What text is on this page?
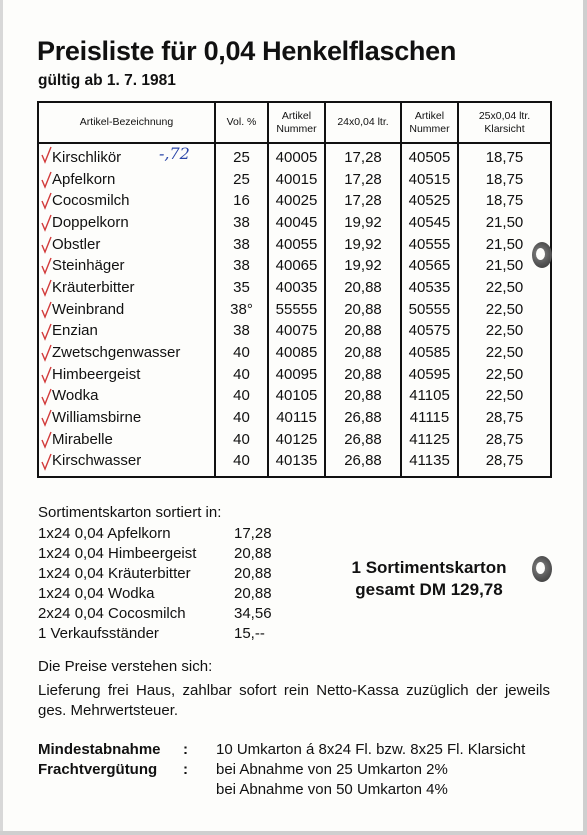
Preisliste für 0,04 Henkelflaschen
gültig ab 1. 7. 1981
Artikel-Bezeichnung	Vol. %	Artikel Nummer	24x0,04 ltr.	Artikel Nummer	25x0,04 ltr. Klarsicht

Kirschlikör -,72	25	40005	17,28	40505	18,75

Apfelkorn	25	40015	17,28	40515	18,75

Cocosmilch	16	40025	17,28	40525	18,75

Doppelkorn	38	40045	19,92	40545	21,50

Obstler	38	40055	19,92	40555	21,50

Steinhäger	38	40065	19,92	40565	21,50

Kräuterbitter	35	40035	20,88	40535	22,50

Weinbrand	38°	55555	20,88	50555	22,50

Enzian	38	40075	20,88	40575	22,50

Zwetschgenwasser	40	40085	20,88	40585	22,50

Himbeergeist	40	40095	20,88	40595	22,50

Wodka	40	40105	20,88	41105	22,50

Williamsbirne	40	40115	26,88	41115	28,75

Mirabelle	40	40125	26,88	41125	28,75

Kirschwasser	40	40135	26,88	41135	28,75
Sortimentskarton sortiert in:
1x24 0,04 Apfelkorn	17,28
1x24 0,04 Himbeergeist	20,88
1x24 0,04 Kräuterbitter	20,88
1x24 0,04 Wodka	20,88
2x24 0,04 Cocosmilch	34,56
1 Verkaufsständer	15,--
1 Sortimentskarton
gesamt DM 129,78
Die Preise verstehen sich:
Lieferung frei Haus, zahlbar sofort rein Netto-Kassa zuzüglich der jeweils ges. Mehrwertsteuer.
Mindestabnahme	: 10 Umkarton á 8x24 Fl. bzw. 8x25 Fl. Klarsicht
Frachtvergütung	: bei Abnahme von 25 Umkarton 2%
bei Abnahme von 50 Umkarton 4%
